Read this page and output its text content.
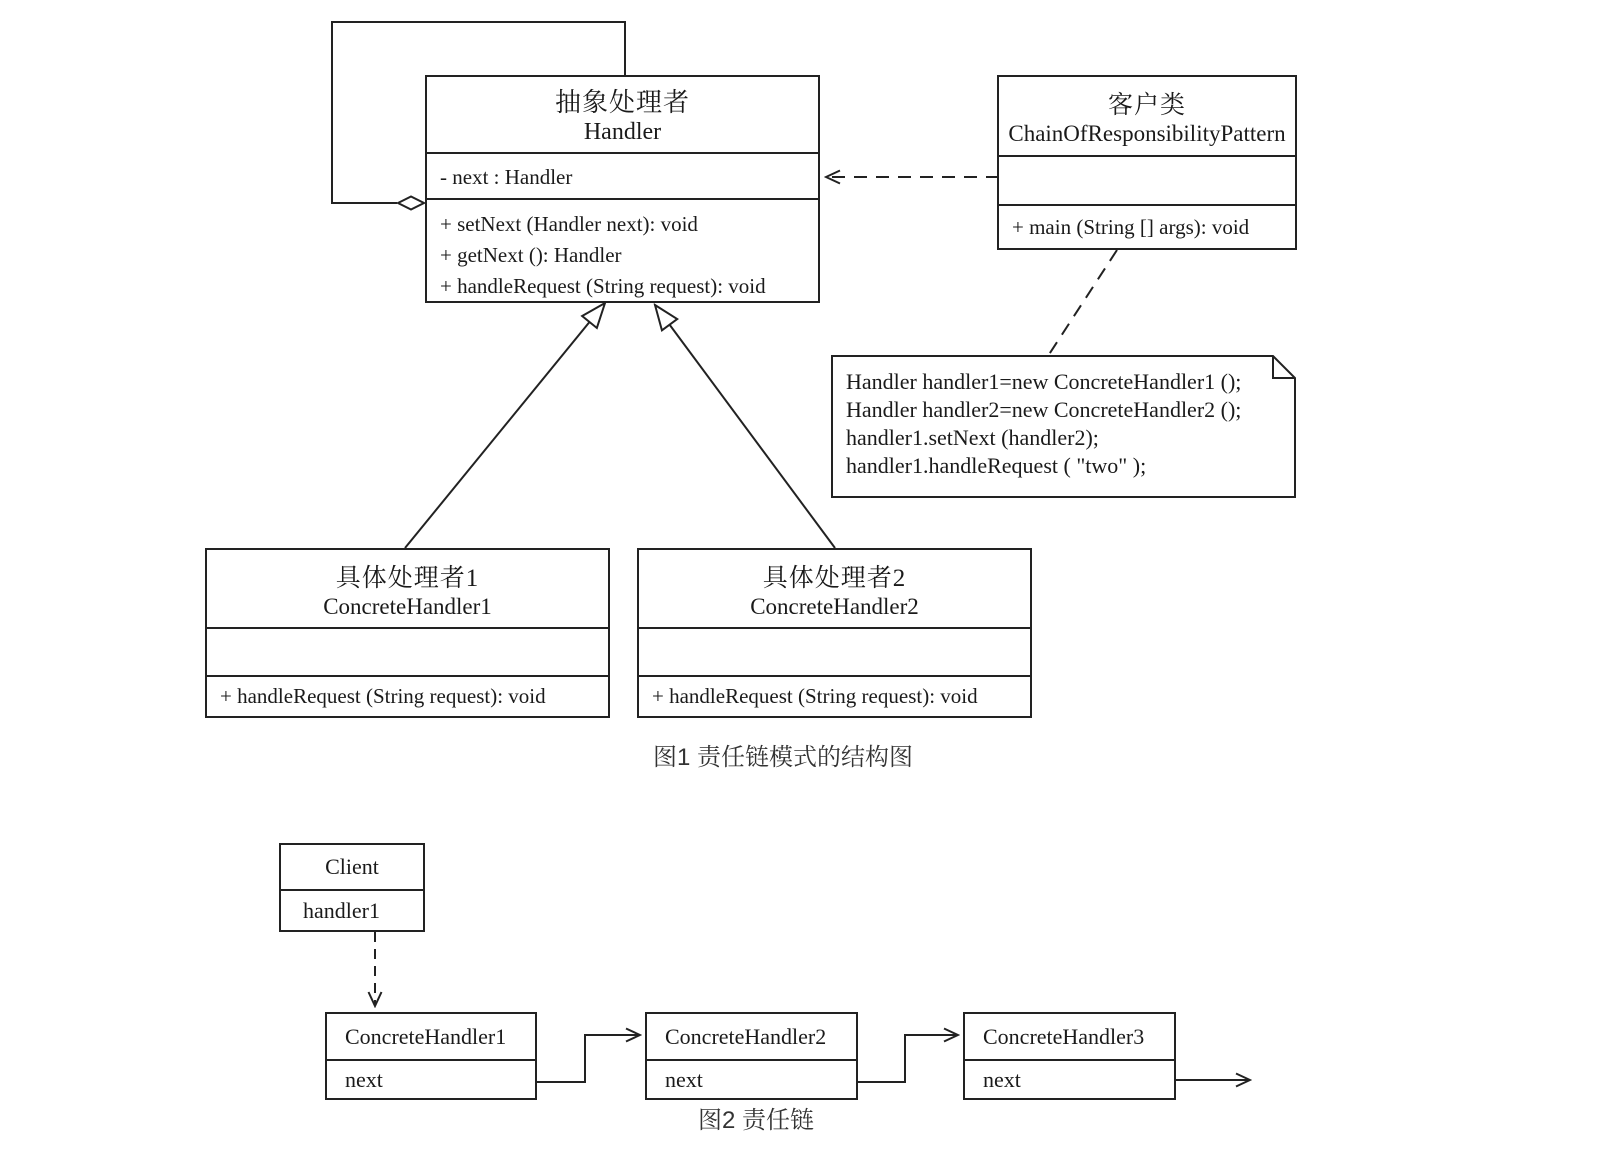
抽象处理者
Handler
- next : Handler
+ setNext (Handler next): void
+ getNext (): Handler
+ handleRequest (String request): void
客户类
ChainOfResponsibilityPattern
+ main (String [] args): void
Handler handler1=new ConcreteHandler1 ();
Handler handler2=new ConcreteHandler2 ();
handler1.setNext (handler2);
handler1.handleRequest ( "two" );
具体处理者1
ConcreteHandler1
+ handleRequest (String request): void
具体处理者2
ConcreteHandler2
+ handleRequest (String request): void
图1 责任链模式的结构图
Client
handler1
ConcreteHandler1
next
ConcreteHandler2
next
ConcreteHandler3
next
图2 责任链
